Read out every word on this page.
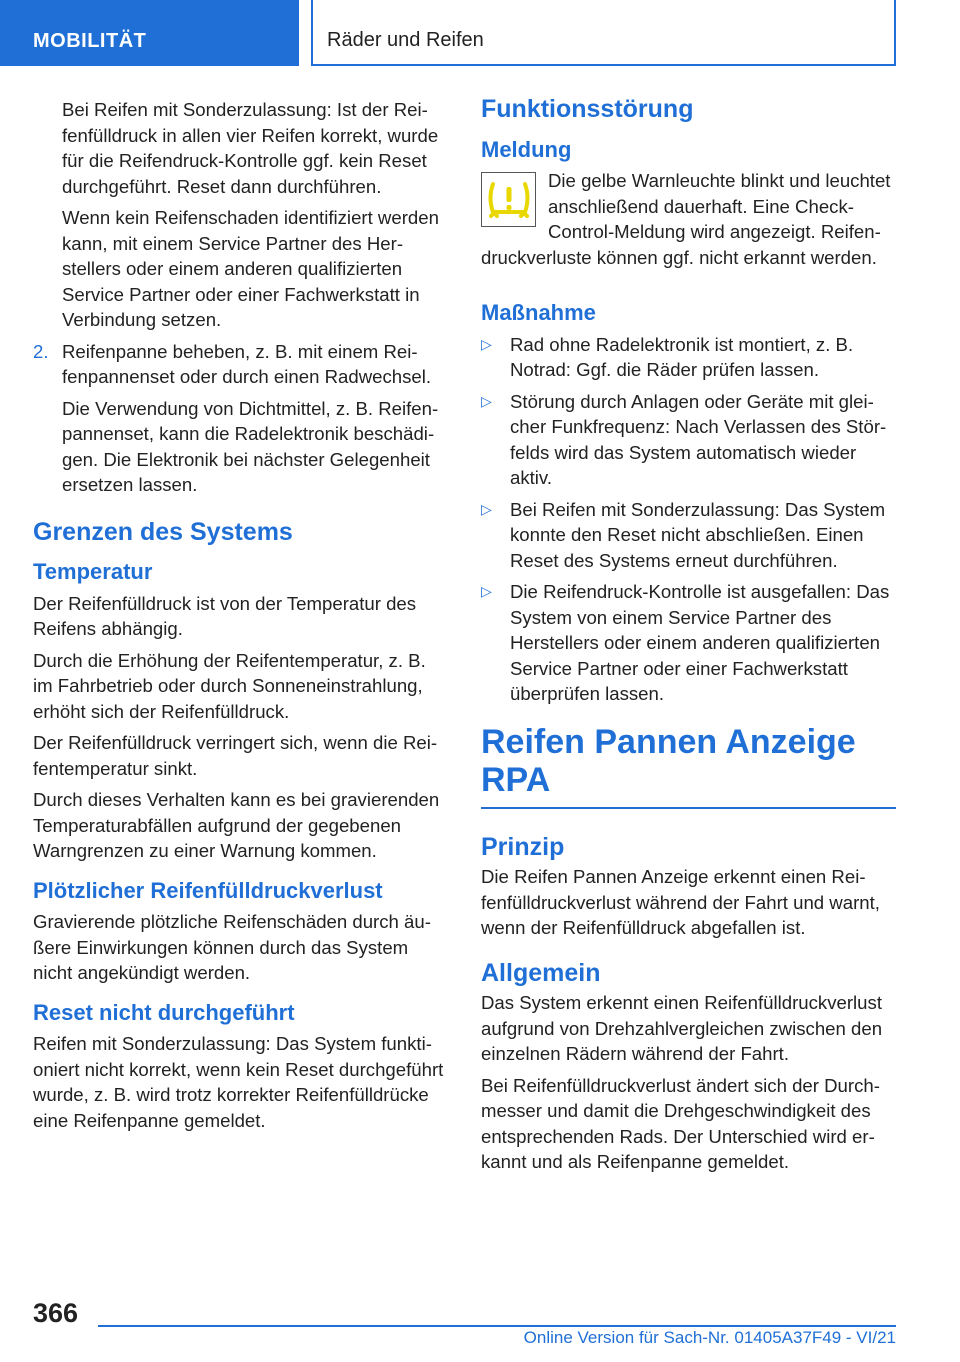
MOBILITÄT	Räder und Reifen

Bei Reifen mit Sonderzulassung: Ist der Reifenfülldruck in allen vier Reifen korrekt, wurde für die Reifendruck-Kontrolle ggf. kein Reset durchgeführt. Reset dann durchführen.

Wenn kein Reifenschaden identifiziert werden kann, mit einem Service Partner des Herstellers oder einem anderen qualifizierten Service Partner oder einer Fachwerkstatt in Verbindung setzen.

2. Reifenpanne beheben, z. B. mit einem Reifenpannenset oder durch einen Radwechsel.

Die Verwendung von Dichtmittel, z. B. Reifenpannenset, kann die Radelektronik beschädigen. Die Elektronik bei nächster Gelegenheit ersetzen lassen.

Grenzen des Systems
Temperatur

Der Reifenfülldruck ist von der Temperatur des Reifens abhängig.

Durch die Erhöhung der Reifentemperatur, z. B. im Fahrbetrieb oder durch Sonneneinstrahlung, erhöht sich der Reifenfülldruck.

Der Reifenfülldruck verringert sich, wenn die Reifentemperatur sinkt.

Durch dieses Verhalten kann es bei gravierenden Temperaturabfällen aufgrund der gegebenen Warngrenzen zu einer Warnung kommen.

Plötzlicher Reifenfülldruckverlust

Gravierende plötzliche Reifenschäden durch äußere Einwirkungen können durch das System nicht angekündigt werden.

Reset nicht durchgeführt

Reifen mit Sonderzulassung: Das System funktioniert nicht korrekt, wenn kein Reset durchgeführt wurde, z. B. wird trotz korrekter Reifenfülldrücke eine Reifenpanne gemeldet.

Funktionsstörung
Meldung
Die gelbe Warnleuchte blinkt und leuchtet anschließend dauerhaft. Eine Check-Control-Meldung wird angezeigt. Reifendruckverluste können ggf. nicht erkannt werden.
Maßnahme
▷ Rad ohne Radelektronik ist montiert, z. B. Notrad: Ggf. die Räder prüfen lassen.
▷ Störung durch Anlagen oder Geräte mit gleicher Funkfrequenz: Nach Verlassen des Störfelds wird das System automatisch wieder aktiv.
▷ Bei Reifen mit Sonderzulassung: Das System konnte den Reset nicht abschließen. Einen Reset des Systems erneut durchführen.
▷ Die Reifendruck-Kontrolle ist ausgefallen: Das System von einem Service Partner des Herstellers oder einem anderen qualifizierten Service Partner oder einer Fachwerkstatt überprüfen lassen.
Reifen Pannen Anzeige RPA
Prinzip

Die Reifen Pannen Anzeige erkennt einen Reifenfülldruckverlust während der Fahrt und warnt, wenn der Reifenfülldruck abgefallen ist.

Allgemein

Das System erkennt einen Reifenfülldruckverlust aufgrund von Drehzahlvergleichen zwischen den einzelnen Rädern während der Fahrt.

Bei Reifenfülldruckverlust ändert sich der Durchmesser und damit die Drehgeschwindigkeit des entsprechenden Rads. Der Unterschied wird erkannt und als Reifenpanne gemeldet.

366
Online Version für Sach-Nr. 01405A37F49 - VI/21
